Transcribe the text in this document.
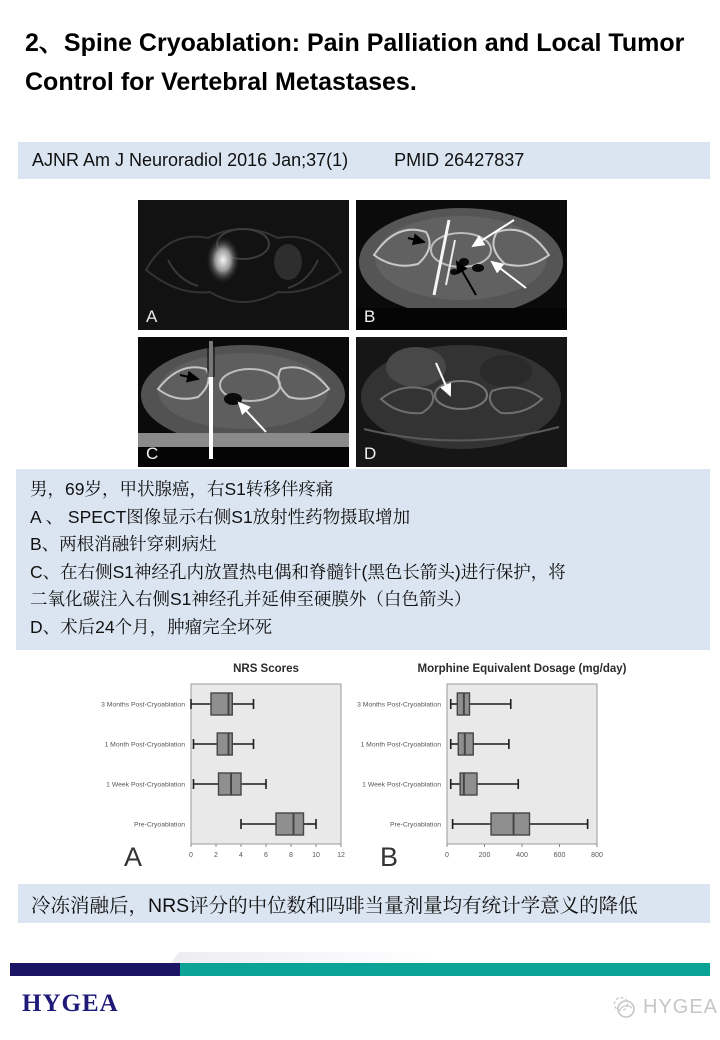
2、Spine Cryoablation: Pain Palliation and Local Tumor Control for Vertebral Metastases.
AJNR Am J Neuroradiol 2016 Jan;37(1)	PMID 26427837
A	B
C	D
男，69岁，甲状腺癌，右S1转移伴疼痛
A 、 SPECT图像显示右侧S1放射性药物摄取增加
B、两根消融针穿刺病灶
C、在右侧S1神经孔内放置热电偶和脊髓针(黑色长箭头)进行保护，将
二氧化碳注入右侧S1神经孔并延伸至硬膜外（白色箭头）
D、术后24个月，肿瘤完全坏死
NRS Scores
3 Months Post-Cryoablation
1 Month Post-Cryoablation
1 Week Post-Cryoablation
Pre-Cryoablation
0	2	4	6	8	10 12
A
Morphine Equivalent Dosage (mg/day)
3 Months Post-Cryoablation
1 Month Post-Cryoablation
1 Week Post-Cryoablation
Pre-Cryoablation
0	200	400	600	800
B
冷冻消融后，NRS评分的中位数和吗啡当量剂量均有统计学意义的降低
HYGEA	HYGEA
